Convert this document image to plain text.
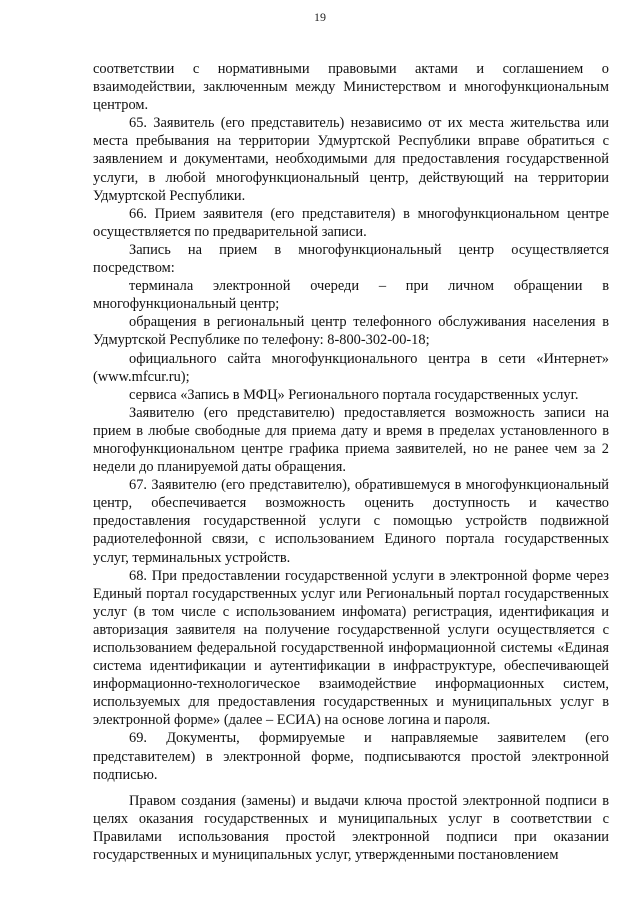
19

соответствии с нормативными правовыми актами и соглашением о взаимодействии, заключенным между Министерством и многофункциональным центром.

65. Заявитель (его представитель) независимо от их места жительства или места пребывания на территории Удмуртской Республики вправе обратиться с заявлением и документами, необходимыми для предоставления государственной услуги, в любой многофункциональный центр, действующий на территории Удмуртской Республики.

66. Прием заявителя (его представителя) в многофункциональном центре осуществляется по предварительной записи.

Запись на прием в многофункциональный центр осуществляется посредством:

терминала электронной очереди – при личном обращении в многофункциональный центр;

обращения в региональный центр телефонного обслуживания населения в Удмуртской Республике по телефону: 8-800-302-00-18;

официального сайта многофункционального центра в сети «Интернет» (www.mfcur.ru);

сервиса «Запись в МФЦ» Регионального портала государственных услуг.

Заявителю (его представителю) предоставляется возможность записи на прием в любые свободные для приема дату и время в пределах установленного в многофункциональном центре графика приема заявителей, но не ранее чем за 2 недели до планируемой даты обращения.

67. Заявителю (его представителю), обратившемуся в многофункциональный центр, обеспечивается возможность оценить доступность и качество предоставления государственной услуги с помощью устройств подвижной радиотелефонной связи, с использованием Единого портала государственных услуг, терминальных устройств.

68. При предоставлении государственной услуги в электронной форме через Единый портал государственных услуг или Региональный портал государственных услуг (в том числе с использованием инфомата) регистрация, идентификация и авторизация заявителя на получение государственной услуги осуществляется с использованием федеральной государственной информационной системы «Единая система идентификации и аутентификации в инфраструктуре, обеспечивающей информационно-технологическое взаимодействие информационных систем, используемых для предоставления государственных и муниципальных услуг в электронной форме» (далее – ЕСИА) на основе логина и пароля.

69. Документы, формируемые и направляемые заявителем (его представителем) в электронной форме, подписываются простой электронной подписью.

Правом создания (замены) и выдачи ключа простой электронной подписи в целях оказания государственных и муниципальных услуг в соответствии с Правилами использования простой электронной подписи при оказании государственных и муниципальных услуг, утвержденными постановлением
